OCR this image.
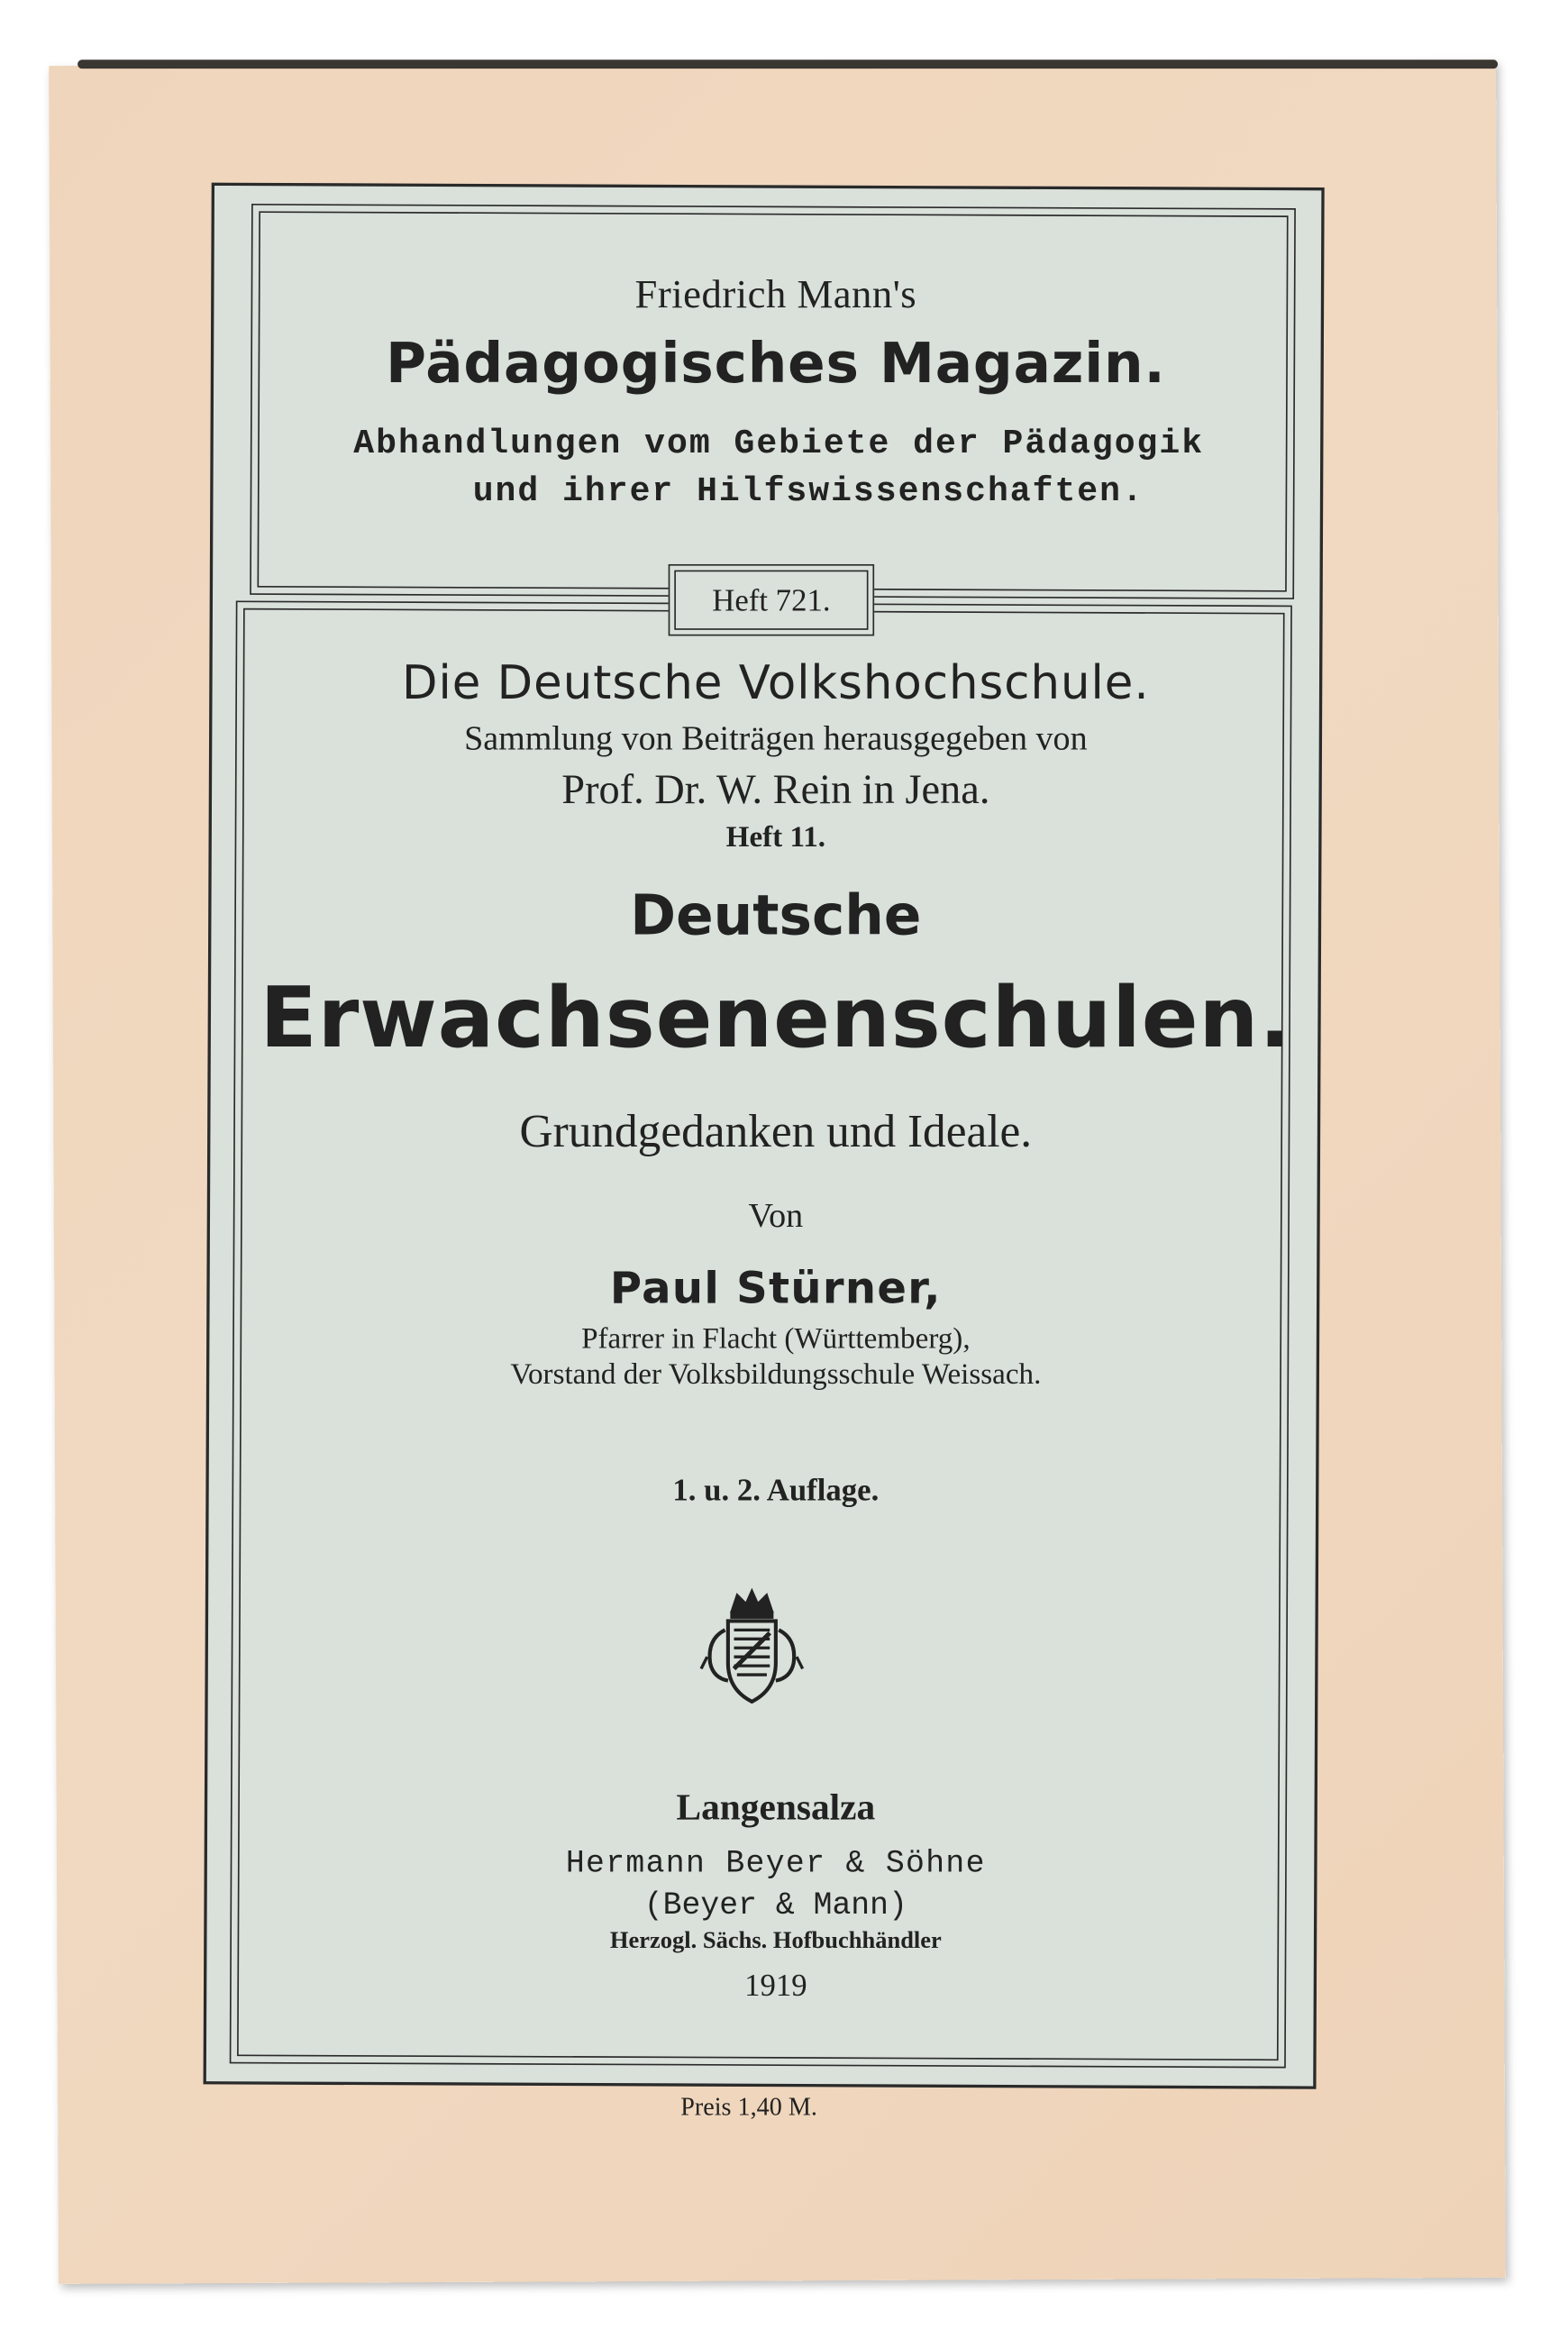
Friedrich Mann's
Pädagogisches Magazin.
Abhandlungen vom Gebiete der Pädagogik
und ihrer Hilfswissenschaften.
Heft 721.
Die Deutsche Volkshochschule.
Sammlung von Beiträgen herausgegeben von
Prof. Dr. W. Rein in Jena.
Heft 11.
Deutsche
Erwachsenenschulen.
Grundgedanken und Ideale.
Von
Paul Stürner,
Pfarrer in Flacht (Württemberg),
Vorstand der Volksbildungsschule Weissach.
1. u. 2. Auflage.
Langensalza
Hermann Beyer & Söhne
(Beyer & Mann)
Herzogl. Sächs. Hofbuchhändler
1919
Preis 1,40 M.
